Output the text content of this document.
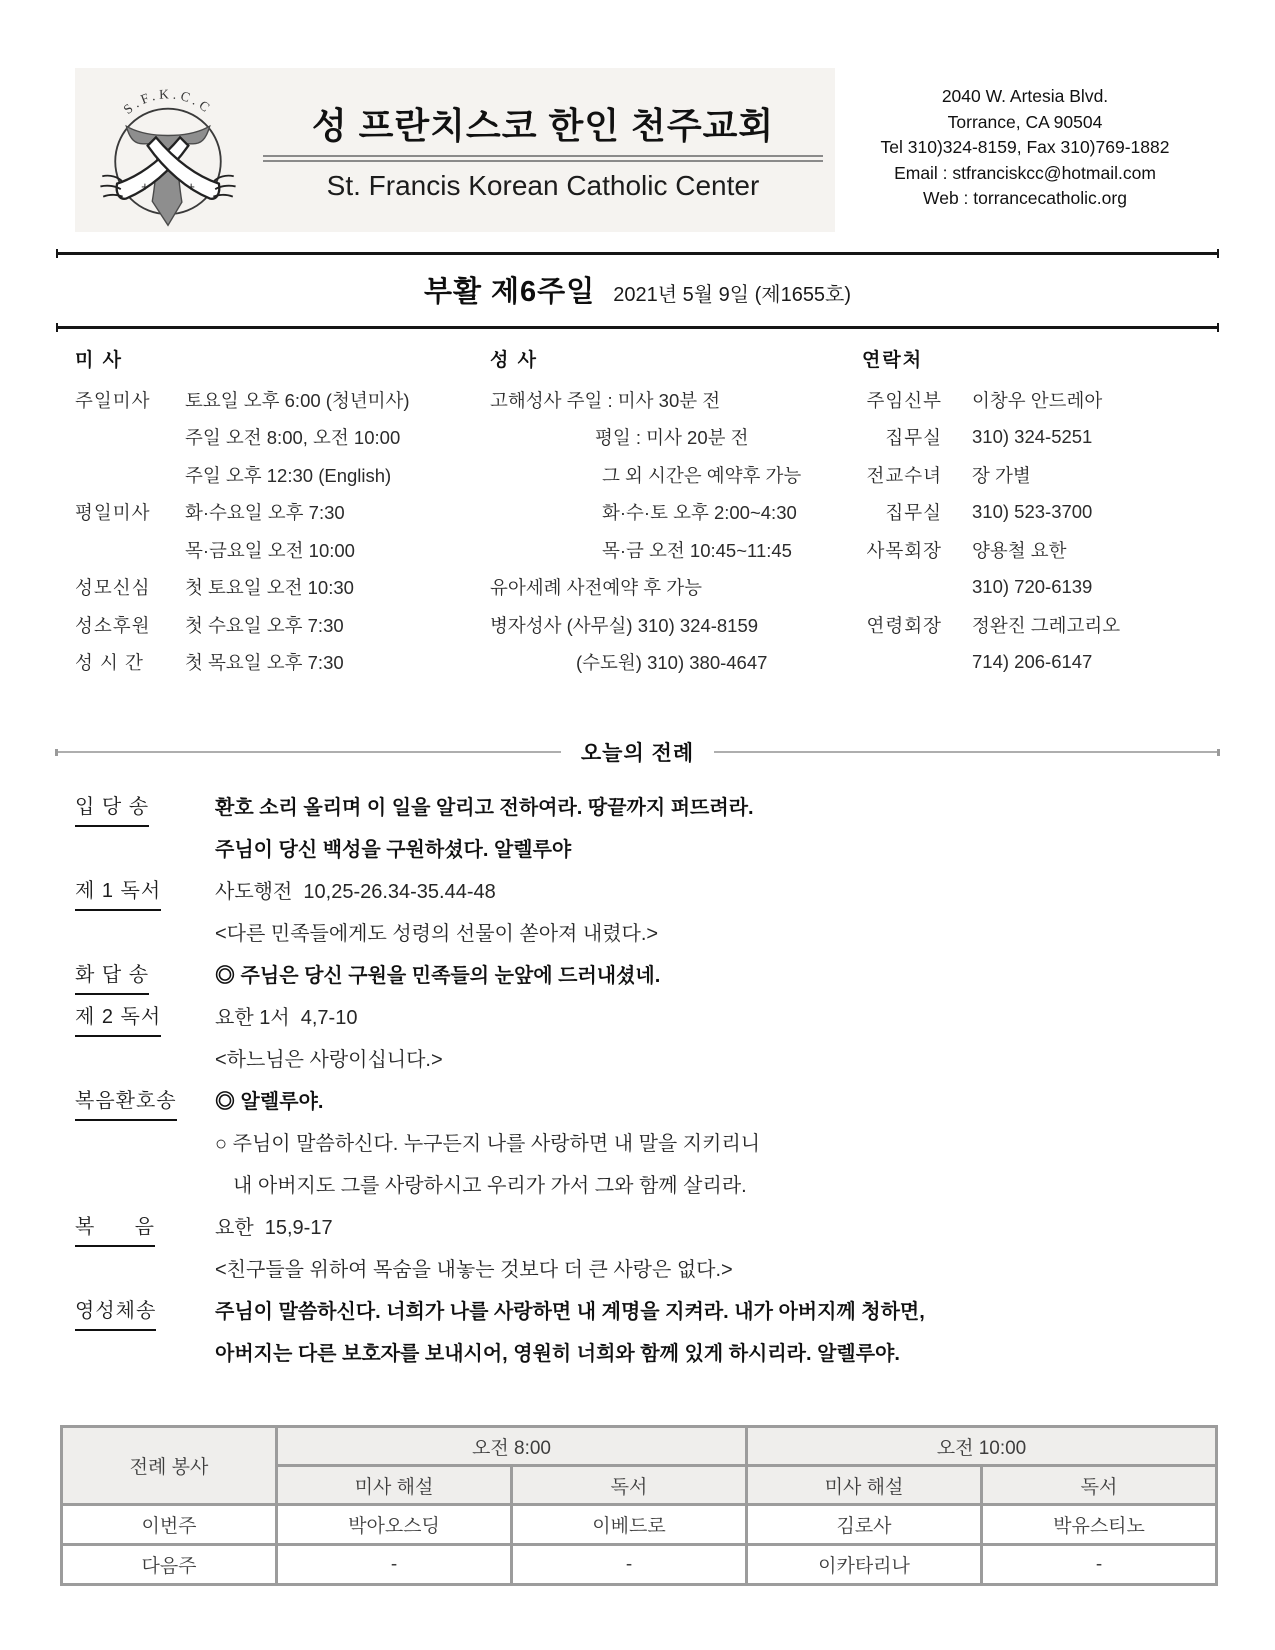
S.F.K.C.C
+	+
성 프란치스코 한인 천주교회
St. Francis Korean Catholic Center
2040 W. Artesia Blvd.
Torrance, CA 90504
Tel 310)324-8159, Fax 310)769-1882
Email : stfranciskcc@hotmail.com
Web : torrancecatholic.org
부활 제6주일 2021년 5월 9일 (제1655호)
미 사
주일미사	토요일 오후 6:00 (청년미사)
주일 오전 8:00, 오전 10:00
주일 오후 12:30 (English)
평일미사	화·수요일 오후 7:30
목·금요일 오전 10:00
성모신심	첫 토요일 오전 10:30
성소후원	첫 수요일 오후 7:30
성 시 간	첫 목요일 오후 7:30
성 사
고해성사 주일 : 미사 30분 전
평일 : 미사 20분 전
그 외 시간은 예약후 가능
화·수·토 오후 2:00~4:30
목·금 오전 10:45~11:45
유아세례 사전예약 후 가능
병자성사 (사무실) 310) 324-8159
(수도원) 310) 380-4647
연락처
주임신부 이창우 안드레아
집무실 310) 324-5251
전교수녀 장 가별
집무실 310) 523-3700
사목회장 양용철 요한
310) 720-6139
연령회장 정완진 그레고리오
714) 206-6147
오늘의 전례
입 당 송	환호 소리 올리며 이 일을 알리고 전하여라. 땅끝까지 퍼뜨려라.
주님이 당신 백성을 구원하셨다. 알렐루야
제 1 독서	사도행전  10,25-26.34-35.44-48
<다른 민족들에게도 성령의 선물이 쏟아져 내렸다.>
화 답 송	◎ 주님은 당신 구원을 민족들의 눈앞에 드러내셨네.
제 2 독서	요한 1서  4,7-10
<하느님은 사랑이십니다.>
복음환호송	◎ 알렐루야.
○ 주님이 말씀하신다. 누구든지 나를 사랑하면 내 말을 지키리니
내 아버지도 그를 사랑하시고 우리가 가서 그와 함께 살리라.
복      음	요한  15,9-17
<친구들을 위하여 목숨을 내놓는 것보다 더 큰 사랑은 없다.>
영성체송	주님이 말씀하신다. 너희가 나를 사랑하면 내 계명을 지켜라. 내가 아버지께 청하면,
아버지는 다른 보호자를 보내시어, 영원히 너희와 함께 있게 하시리라. 알렐루야.
전례 봉사	오전 8:00		오전 10:00	
	미사 해설	독서	미사 해설	독서
이번주	박아오스딩	이베드로	김로사	박유스티노
다음주	-	-	이카타리나	-
